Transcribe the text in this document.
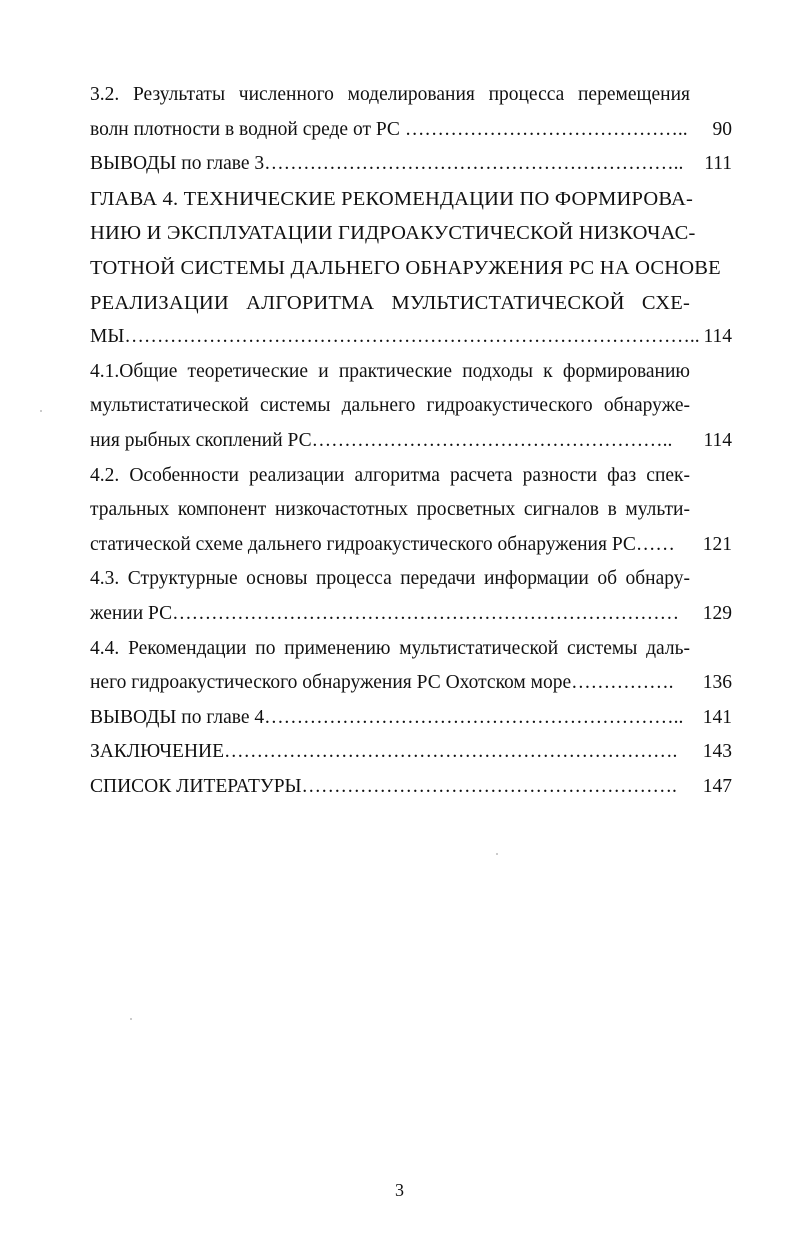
3.2. Результаты численного моделирования процесса перемещения
волн плотности в водной среде от РС ……………………………………..	90
ВЫВОДЫ по главе 3………………………………………………………..	111
ГЛАВА 4. ТЕХНИЧЕСКИЕ РЕКОМЕНДАЦИИ ПО ФОРМИРОВА-
НИЮ И ЭКСПЛУАТАЦИИ ГИДРОАКУСТИЧЕСКОЙ НИЗКОЧАС-
ТОТНОЙ СИСТЕМЫ ДАЛЬНЕГО ОБНАРУЖЕНИЯ РС НА ОСНОВЕ
РЕАЛИЗАЦИИ АЛГОРИТМА МУЛЬТИСТАТИЧЕСКОЙ СХЕ-
МЫ…………………………………………………………………………….. 114
4.1.Общие теоретические и практические подходы к формированию
мультистатической системы дальнего гидроакустического обнаруже-
ния рыбных скоплений РС………………………………………………..	114
4.2. Особенности реализации алгоритма расчета разности фаз спек-
тральных компонент низкочастотных просветных сигналов в мульти-
статической схеме дальнего гидроакустического обнаружения РС……	121
4.3. Структурные основы процесса передачи информации об обнару-
жении РС……………………………………………………………………	129
4.4. Рекомендации по применению мультистатической системы даль-
него гидроакустического обнаружения РС Охотском море…………….	136
ВЫВОДЫ по главе 4……………………………………………………….. 141
ЗАКЛЮЧЕНИЕ…………………………………………………………….	143
СПИСОК ЛИТЕРАТУРЫ………………………………………………….	147
3
